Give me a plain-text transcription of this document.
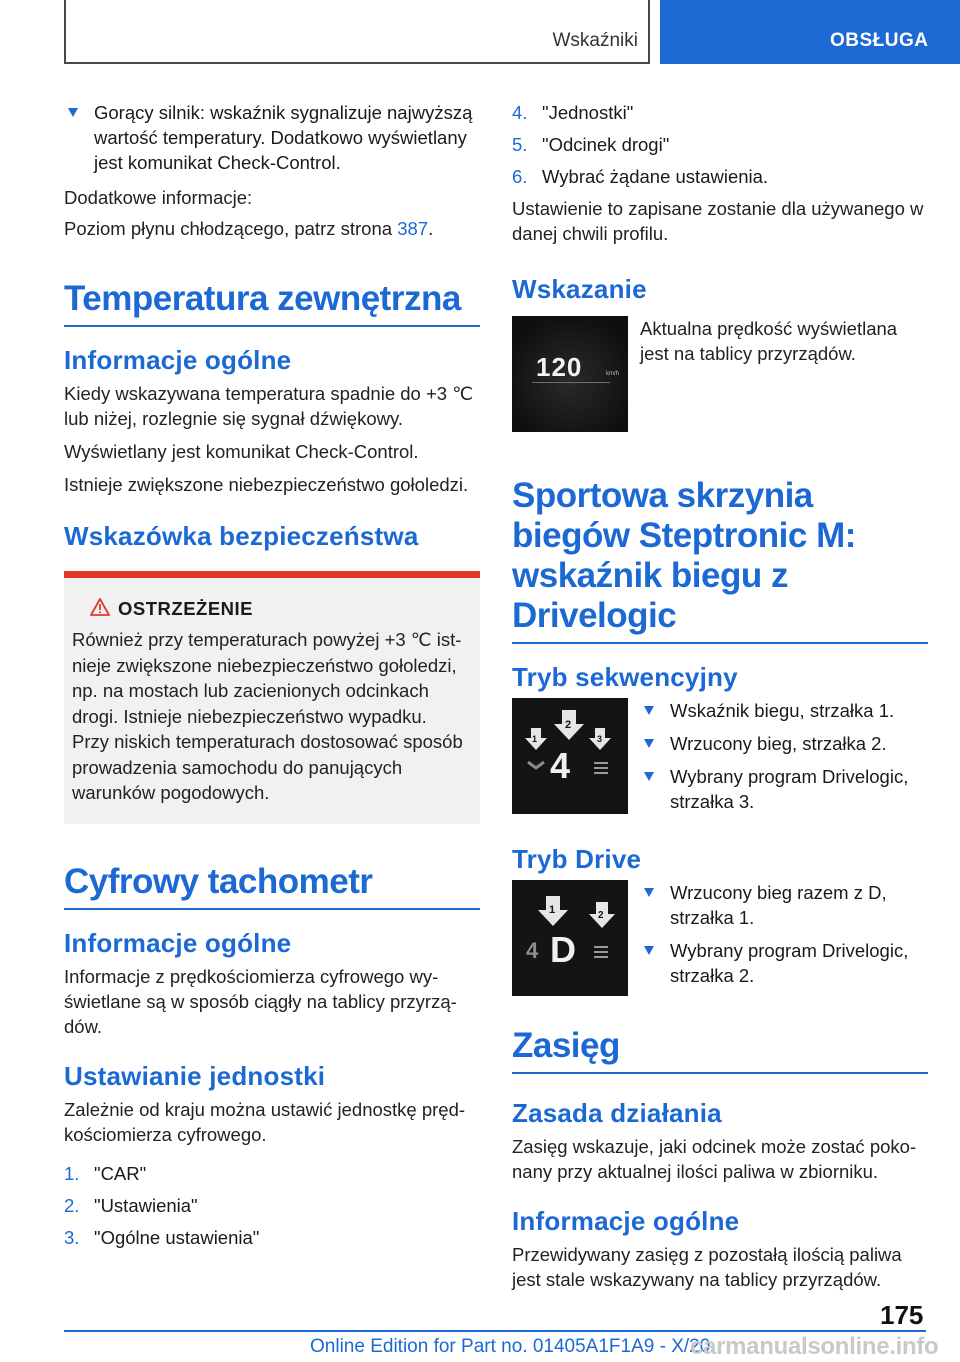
Wskaźniki	OBSŁUGA
Gorący silnik: wskaźnik sygnalizuje najwyższą wartość temperatury. Dodatkowo wyświetlany jest komunikat Check-Control.

Dodatkowe informacje:

Poziom płynu chłodzącego, patrz strona 387.

Temperatura zewnętrzna
Informacje ogólne

Kiedy wskazywana temperatura spadnie do +3 ℃ lub niżej, rozlegnie się sygnał dźwiękowy.

Wyświetlany jest komunikat Check-Control.

Istnieje zwiększone niebezpieczeństwo gołoledzi.

Wskazówka bezpieczeństwa
OSTRZEŻENIE

Również przy temperaturach powyżej +3 ℃ istnieje zwiększone niebezpieczeństwo gołoledzi, np. na mostach lub zacienionych odcinkach drogi. Istnieje niebezpieczeństwo wypadku.

Przy niskich temperaturach dostosować sposób prowadzenia samochodu do panujących warunków pogodowych.

Cyfrowy tachometr
Informacje ogólne

Informacje z prędkościomierza cyfrowego wyświetlane są w sposób ciągły na tablicy przyrządów.

Ustawianie jednostki

Zależnie od kraju można ustawić jednostkę prędkościomierza cyfrowego.

1. "CAR"
2. "Ustawienia"
3. "Ogólne ustawienia"
4. "Jednostki"
5. "Odcinek drogi"
6. Wybrać żądane ustawienia.

Ustawienie to zapisane zostanie dla używanego w danej chwili profilu.

Wskazanie
120	km/h

Aktualna prędkość wyświetlana jest na tablicy przyrządów.

Sportowa skrzynia biegów Steptronic M: wskaźnik biegu z Drivelogic
Tryb sekwencyjny
1
2
3
4
Wskaźnik biegu, strzałka 1.
Wrzucony bieg, strzałka 2.
Wybrany program Drivelogic, strzałka 3.
Tryb Drive
1	2
4 D
Wrzucony bieg razem z D, strzałka 1.
Wybrany program Drivelogic, strzałka 2.
Zasięg
Zasada działania

Zasięg wskazuje, jaki odcinek może zostać pokonany przy aktualnej ilości paliwa w zbiorniku.

Informacje ogólne

Przewidywany zasięg z pozostałą ilością paliwa jest stale wskazywany na tablicy przyrządów.

175
Online Edition for Part no. 01405A1F1A9 - X/20
carmanualsonline.info
